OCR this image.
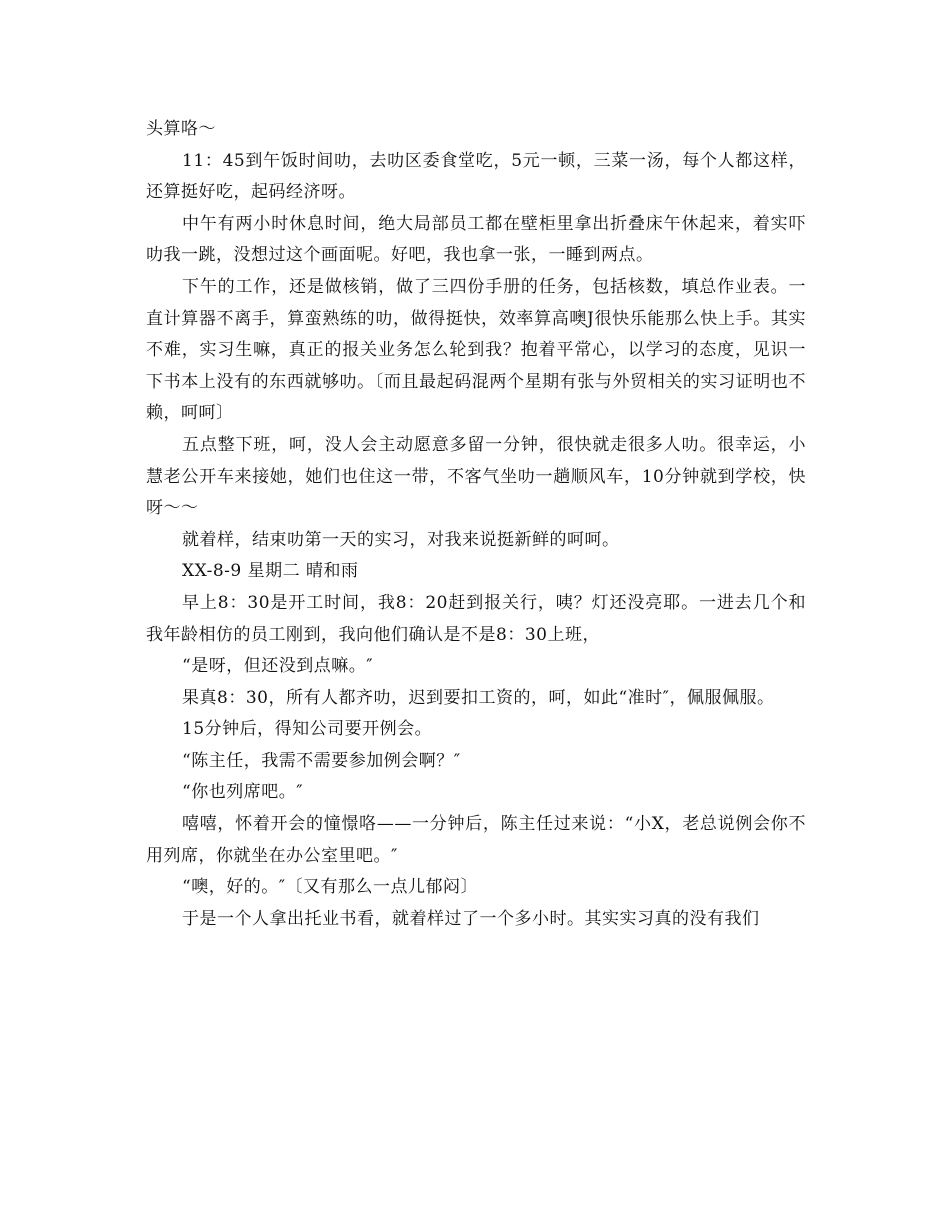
头算咯～

11：45到午饭时间叻，去叻区委食堂吃，5元一顿，三菜一汤，每个人都这样，还算挺好吃，起码经济呀。

中午有两小时休息时间，绝大局部员工都在壁柜里拿出折叠床午休起来，着实吓叻我一跳，没想过这个画面呢。好吧，我也拿一张，一睡到两点。

下午的工作，还是做核销，做了三四份手册的任务，包括核数，填总作业表。一直计算器不离手，算蛮熟练的叻，做得挺快，效率算高噢J很快乐能那么快上手。其实不难，实习生嘛，真正的报关业务怎么轮到我？抱着平常心，以学习的态度，见识一下书本上没有的东西就够叻。〔而且最起码混两个星期有张与外贸相关的实习证明也不赖，呵呵〕

五点整下班，呵，没人会主动愿意多留一分钟，很快就走很多人叻。很幸运，小慧老公开车来接她，她们也住这一带，不客气坐叻一趟顺风车，10分钟就到学校，快呀～～

就着样，结束叻第一天的实习，对我来说挺新鲜的呵呵。

XX-8-9 星期二 晴和雨

早上8：30是开工时间，我8：20赶到报关行，咦？灯还没亮耶。一进去几个和我年龄相仿的员工刚到，我向他们确认是不是8：30上班，

“是呀，但还没到点嘛。″

果真8：30，所有人都齐叻，迟到要扣工资的，呵，如此“准时″，佩服佩服。

15分钟后，得知公司要开例会。

“陈主任，我需不需要参加例会啊？″

“你也列席吧。″

嘻嘻，怀着开会的憧憬咯——一分钟后，陈主任过来说：“小X，老总说例会你不用列席，你就坐在办公室里吧。″

“噢，好的。″〔又有那么一点儿郁闷〕

于是一个人拿出托业书看，就着样过了一个多小时。其实实习真的没有我们
